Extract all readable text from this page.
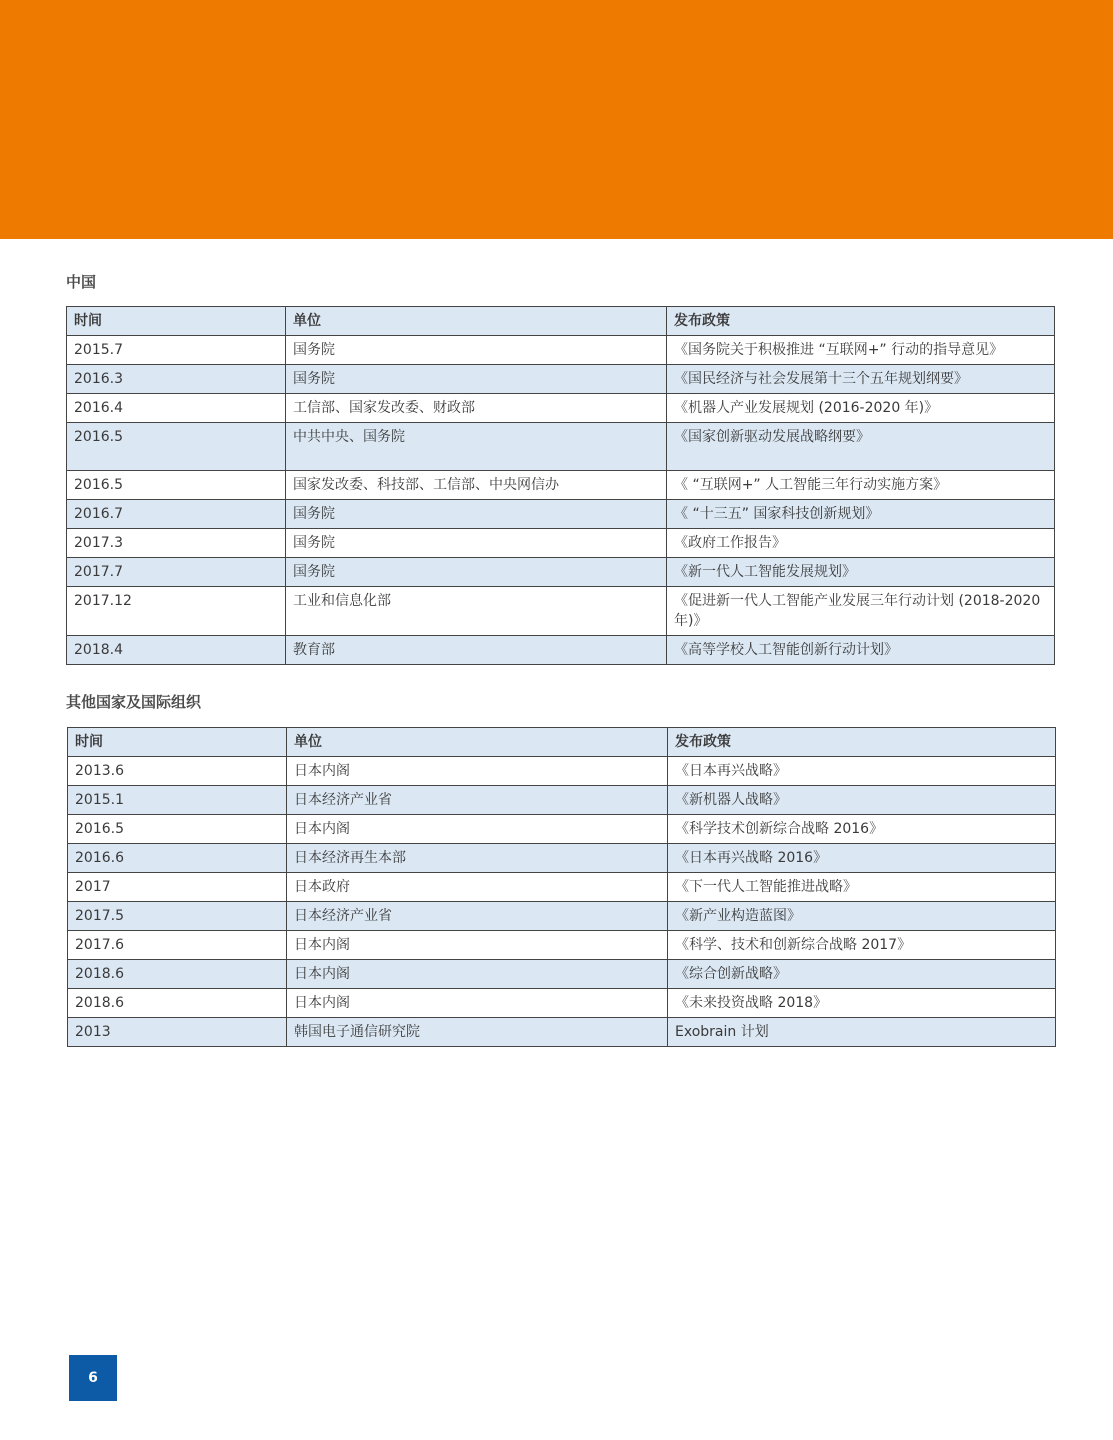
中国
时间	单位	发布政策
2015.7	国务院	《国务院关于积极推进 “互联网+” 行动的指导意见》
2016.3	国务院	《国民经济与社会发展第十三个五年规划纲要》
2016.4	工信部、国家发改委、财政部	《机器人产业发展规划 (2016-2020 年)》
2016.5	中共中央、国务院	《国家创新驱动发展战略纲要》
2016.5	国家发改委、科技部、工信部、中央网信办	《 “互联网+” 人工智能三年行动实施方案》
2016.7	国务院	《 “十三五” 国家科技创新规划》
2017.3	国务院	《政府工作报告》
2017.7	国务院	《新一代人工智能发展规划》
2017.12	工业和信息化部	《促进新一代人工智能产业发展三年行动计划 (2018-2020 年)》
2018.4	教育部	《高等学校人工智能创新行动计划》
其他国家及国际组织
时间	单位	发布政策
2013.6	日本内阁	《日本再兴战略》
2015.1	日本经济产业省	《新机器人战略》
2016.5	日本内阁	《科学技术创新综合战略 2016》
2016.6	日本经济再生本部	《日本再兴战略 2016》
2017	日本政府	《下一代人工智能推进战略》
2017.5	日本经济产业省	《新产业构造蓝图》
2017.6	日本内阁	《科学、技术和创新综合战略 2017》
2018.6	日本内阁	《综合创新战略》
2018.6	日本内阁	《未来投资战略 2018》
2013	韩国电子通信研究院	Exobrain 计划
6
